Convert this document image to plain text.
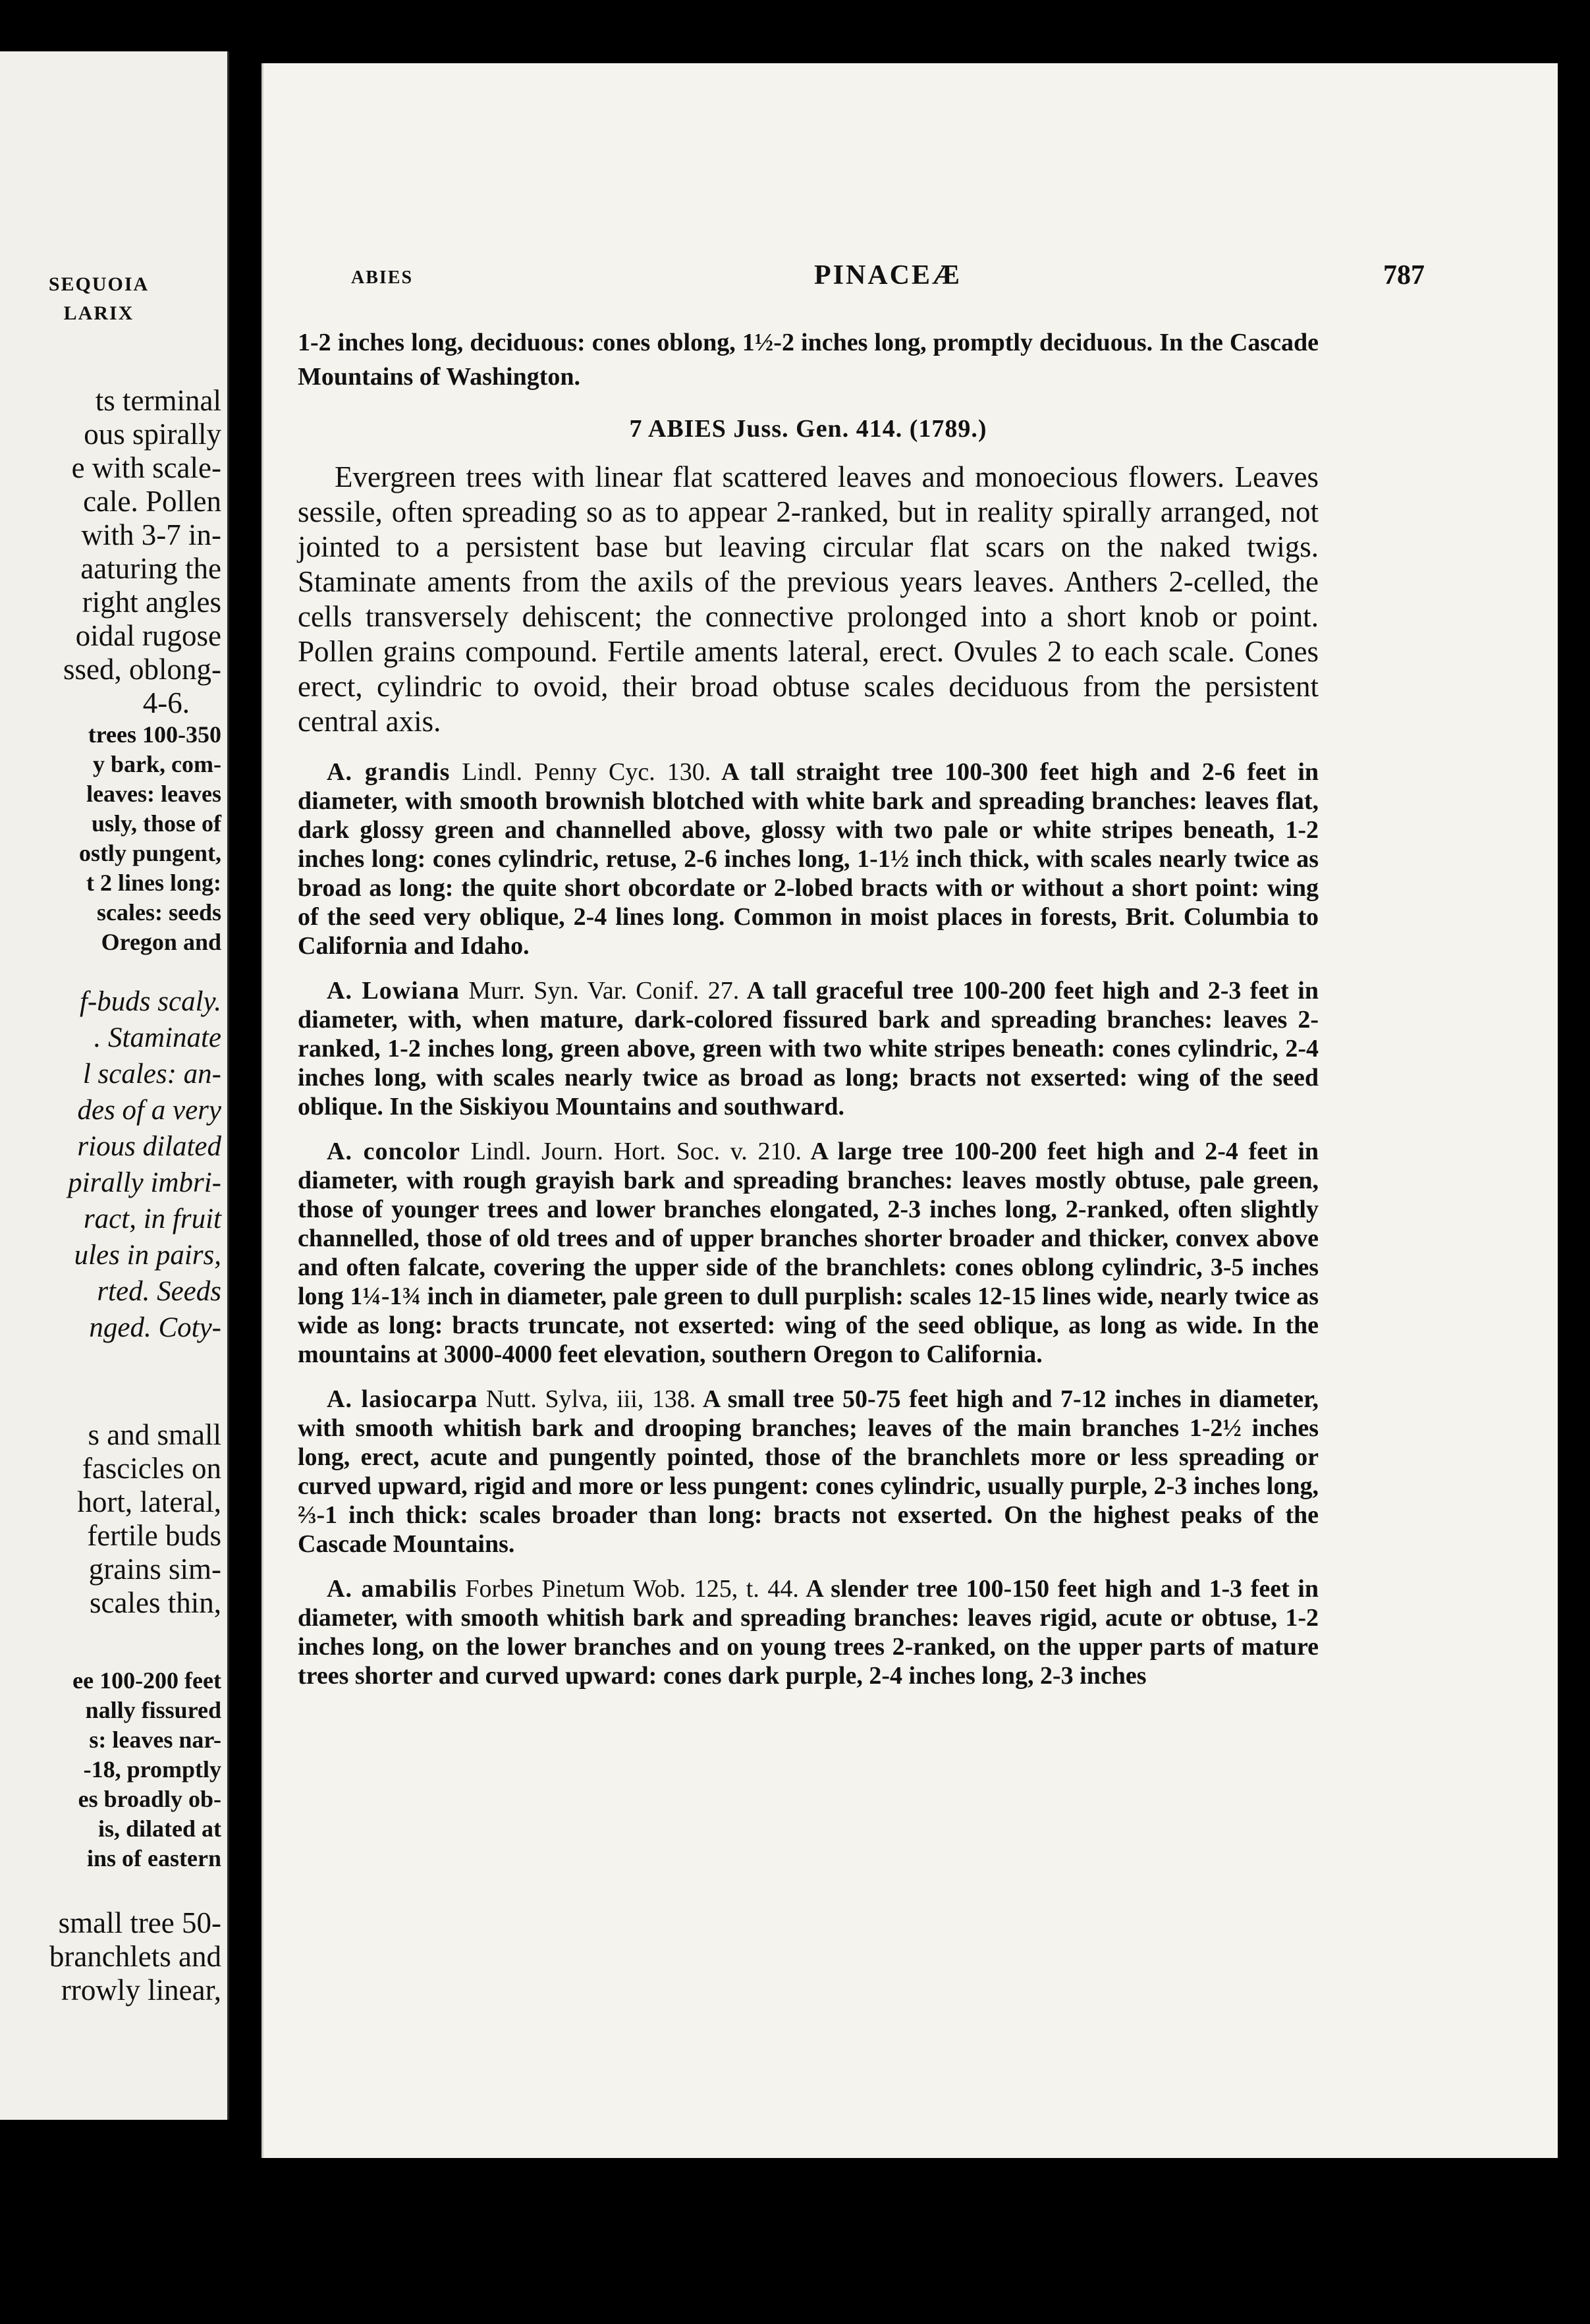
SEQUOIA
LARIX
ts terminal
ous spirally
e with scale-
cale. Pollen
with 3-7 in-
aaturing the
right angles
oidal rugose
ssed, oblong-
4-6.
trees 100-350
y bark, com-
leaves: leaves
usly, those of
ostly pungent,
t 2 lines long:
scales: seeds
Oregon and
f-buds scaly.
. Staminate
l scales: an-
des of a very
rious dilated
pirally imbri-
ract, in fruit
ules in pairs,
rted. Seeds
nged. Coty-
s and small
fascicles on
hort, lateral,
fertile buds
grains sim-
scales thin,
ee 100-200 feet
nally fissured
s: leaves nar-
-18, promptly
es broadly ob-
is, dilated at
ins of eastern
small tree 50-
branchlets and
rrowly linear,
ABIES	PINACEÆ	787

1-2 inches long, deciduous: cones oblong, 1½-2 inches long, promptly deciduous. In the Cascade Mountains of Washington.

7 ABIES Juss. Gen. 414. (1789.)

Evergreen trees with linear flat scattered leaves and monoecious flowers. Leaves sessile, often spreading so as to appear 2-ranked, but in reality spirally arranged, not jointed to a persistent base but leaving circular flat scars on the naked twigs. Staminate aments from the axils of the previous years leaves. Anthers 2-celled, the cells transversely dehiscent; the connective prolonged into a short knob or point. Pollen grains compound. Fertile aments lateral, erect. Ovules 2 to each scale. Cones erect, cylindric to ovoid, their broad obtuse scales deciduous from the persistent central axis.

A. grandis Lindl. Penny Cyc. 130. A tall straight tree 100-300 feet high and 2-6 feet in diameter, with smooth brownish blotched with white bark and spreading branches: leaves flat, dark glossy green and channelled above, glossy with two pale or white stripes beneath, 1-2 inches long: cones cylindric, retuse, 2-6 inches long, 1-1½ inch thick, with scales nearly twice as broad as long: the quite short obcordate or 2-lobed bracts with or without a short point: wing of the seed very oblique, 2-4 lines long. Common in moist places in forests, Brit. Columbia to California and Idaho.

A. Lowiana Murr. Syn. Var. Conif. 27. A tall graceful tree 100-200 feet high and 2-3 feet in diameter, with, when mature, dark-colored fissured bark and spreading branches: leaves 2-ranked, 1-2 inches long, green above, green with two white stripes beneath: cones cylindric, 2-4 inches long, with scales nearly twice as broad as long; bracts not exserted: wing of the seed oblique. In the Siskiyou Mountains and southward.

A. concolor Lindl. Journ. Hort. Soc. v. 210. A large tree 100-200 feet high and 2-4 feet in diameter, with rough grayish bark and spreading branches: leaves mostly obtuse, pale green, those of younger trees and lower branches elongated, 2-3 inches long, 2-ranked, often slightly channelled, those of old trees and of upper branches shorter broader and thicker, convex above and often falcate, covering the upper side of the branchlets: cones oblong cylindric, 3-5 inches long 1¼-1¾ inch in diameter, pale green to dull purplish: scales 12-15 lines wide, nearly twice as wide as long: bracts truncate, not exserted: wing of the seed oblique, as long as wide. In the mountains at 3000-4000 feet elevation, southern Oregon to California.

A. lasiocarpa Nutt. Sylva, iii, 138. A small tree 50-75 feet high and 7-12 inches in diameter, with smooth whitish bark and drooping branches; leaves of the main branches 1-2½ inches long, erect, acute and pungently pointed, those of the branchlets more or less spreading or curved upward, rigid and more or less pungent: cones cylindric, usually purple, 2-3 inches long, ⅔-1 inch thick: scales broader than long: bracts not exserted. On the highest peaks of the Cascade Mountains.

A. amabilis Forbes Pinetum Wob. 125, t. 44. A slender tree 100-150 feet high and 1-3 feet in diameter, with smooth whitish bark and spreading branches: leaves rigid, acute or obtuse, 1-2 inches long, on the lower branches and on young trees 2-ranked, on the upper parts of mature trees shorter and curved upward: cones dark purple, 2-4 inches long, 2-3 inches
